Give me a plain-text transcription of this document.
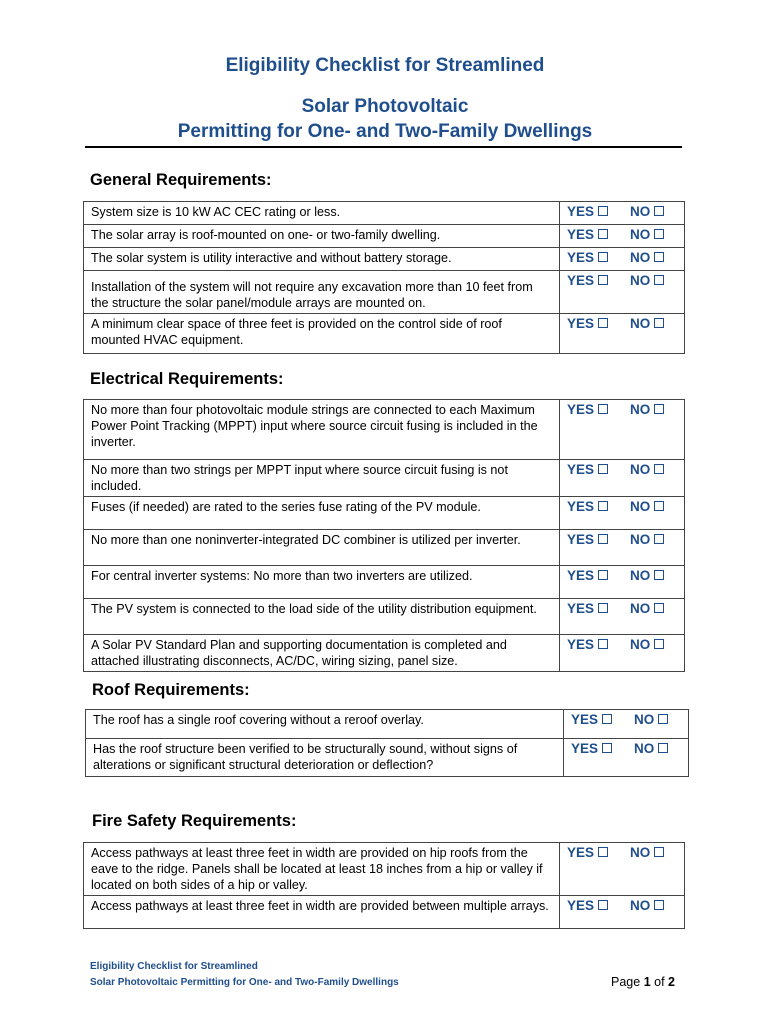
Eligibility Checklist for Streamlined
Solar Photovoltaic
Permitting for One- and Two-Family Dwellings
General Requirements:
System size is 10 kW AC CEC rating or less.	YES NO
The solar array is roof-mounted on one- or two-family dwelling.	YES NO
The solar system is utility interactive and without battery storage.	YES NO
Installation of the system will not require any excavation more than 10 feet from the structure the solar panel/module arrays are mounted on.	YES NO
A minimum clear space of three feet is provided on the control side of roof mounted HVAC equipment.	YES NO
Electrical Requirements:
No more than four photovoltaic module strings are connected to each Maximum Power Point Tracking (MPPT) input where source circuit fusing is included in the inverter.	YES NO
No more than two strings per MPPT input where source circuit fusing is not included.	YES NO
Fuses (if needed) are rated to the series fuse rating of the PV module.	YES NO
No more than one noninverter-integrated DC combiner is utilized per inverter.	YES NO
For central inverter systems: No more than two inverters are utilized.	YES NO
The PV system is connected to the load side of the utility distribution equipment.	YES NO
A Solar PV Standard Plan and supporting documentation is completed and attached illustrating disconnects, AC/DC, wiring sizing, panel size.	YES NO
Roof Requirements:
The roof has a single roof covering without a reroof overlay.	YES NO
Has the roof structure been verified to be structurally sound, without signs of alterations or significant structural deterioration or deflection?	YES NO
Fire Safety Requirements:
Access pathways at least three feet in width are provided on hip roofs from the eave to the ridge. Panels shall be located at least 18 inches from a hip or valley if located on both sides of a hip or valley.	YES NO
Access pathways at least three feet in width are provided between multiple arrays.	YES NO

Eligibility Checklist for Streamlined

Solar Photovoltaic Permitting for One- and Two-Family Dwellings	Page 1 of 2
